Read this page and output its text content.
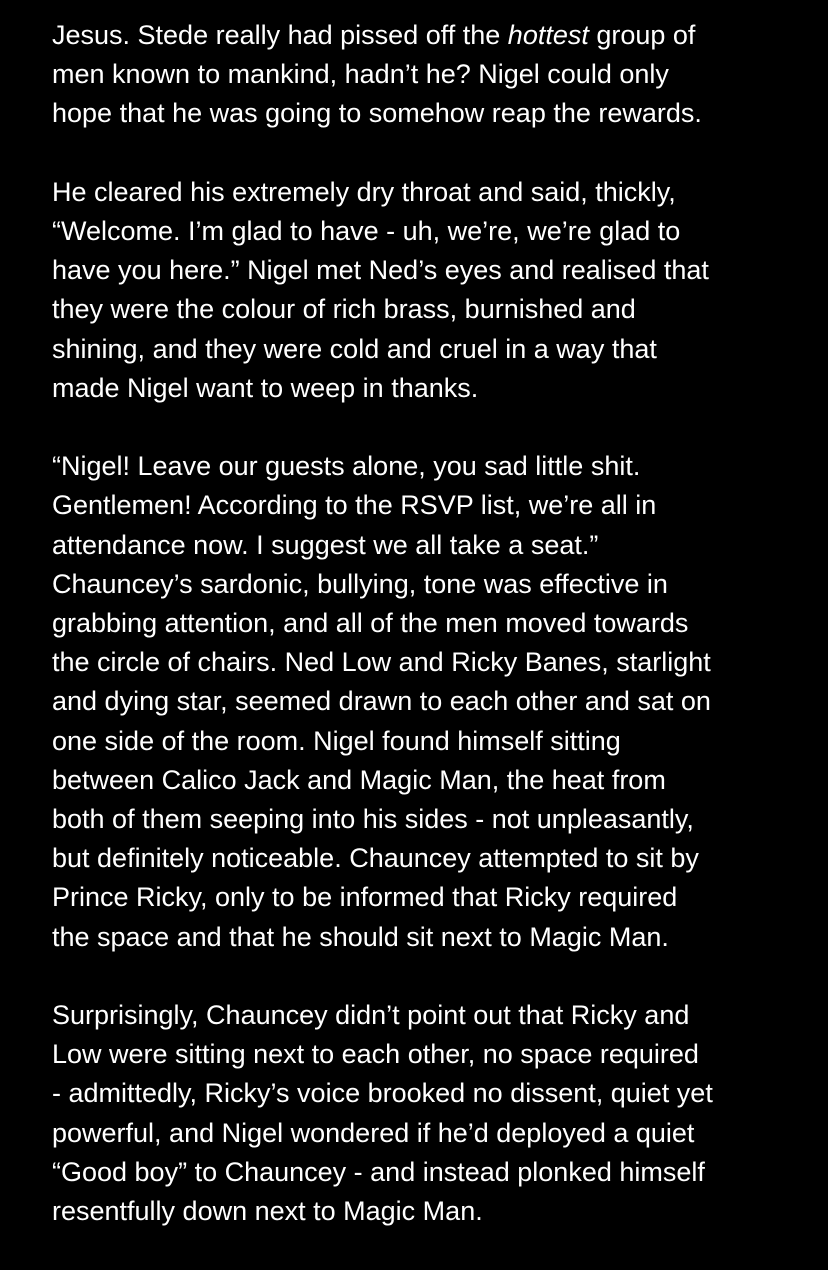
Jesus. Stede really had pissed off the hottest group of
men known to mankind, hadn’t he? Nigel could only
hope that he was going to somehow reap the rewards.
He cleared his extremely dry throat and said, thickly,
“Welcome. I’m glad to have - uh, we’re, we’re glad to
have you here.” Nigel met Ned’s eyes and realised that
they were the colour of rich brass, burnished and
shining, and they were cold and cruel in a way that
made Nigel want to weep in thanks.
“Nigel! Leave our guests alone, you sad little shit.
Gentlemen! According to the RSVP list, we’re all in
attendance now. I suggest we all take a seat.”
Chauncey’s sardonic, bullying, tone was effective in
grabbing attention, and all of the men moved towards
the circle of chairs. Ned Low and Ricky Banes, starlight
and dying star, seemed drawn to each other and sat on
one side of the room. Nigel found himself sitting
between Calico Jack and Magic Man, the heat from
both of them seeping into his sides - not unpleasantly,
but definitely noticeable. Chauncey attempted to sit by
Prince Ricky, only to be informed that Ricky required
the space and that he should sit next to Magic Man.
Surprisingly, Chauncey didn’t point out that Ricky and
Low were sitting next to each other, no space required
- admittedly, Ricky’s voice brooked no dissent, quiet yet
powerful, and Nigel wondered if he’d deployed a quiet
“Good boy” to Chauncey - and instead plonked himself
resentfully down next to Magic Man.
